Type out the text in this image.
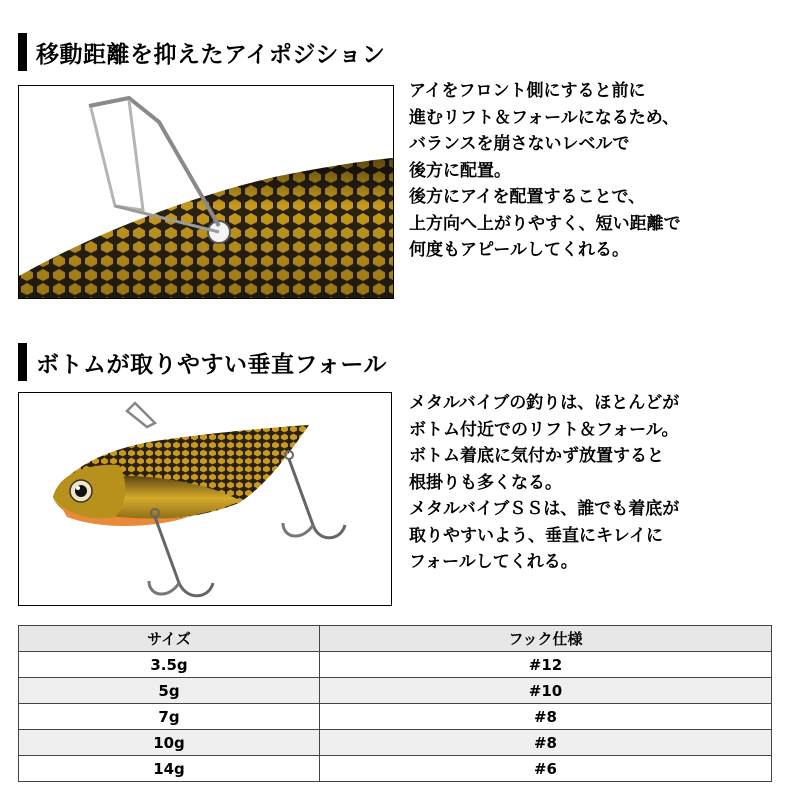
移動距離を抑えたアイポジション
アイをフロント側にすると前に
進むリフト＆フォールになるため、
バランスを崩さないレベルで
後方に配置。
後方にアイを配置することで、
上方向へ上がりやすく、短い距離で
何度もアピールしてくれる。
ボトムが取りやすい垂直フォール
メタルバイブの釣りは、ほとんどが
ボトム付近でのリフト＆フォール。
ボトム着底に気付かず放置すると
根掛りも多くなる。
メタルバイブＳＳは、誰でも着底が
取りやすいよう、垂直にキレイに
フォールしてくれる。
サイズ	フック仕様
3.5g	#12
5g	#10
7g	#8
10g	#8
14g	#6
